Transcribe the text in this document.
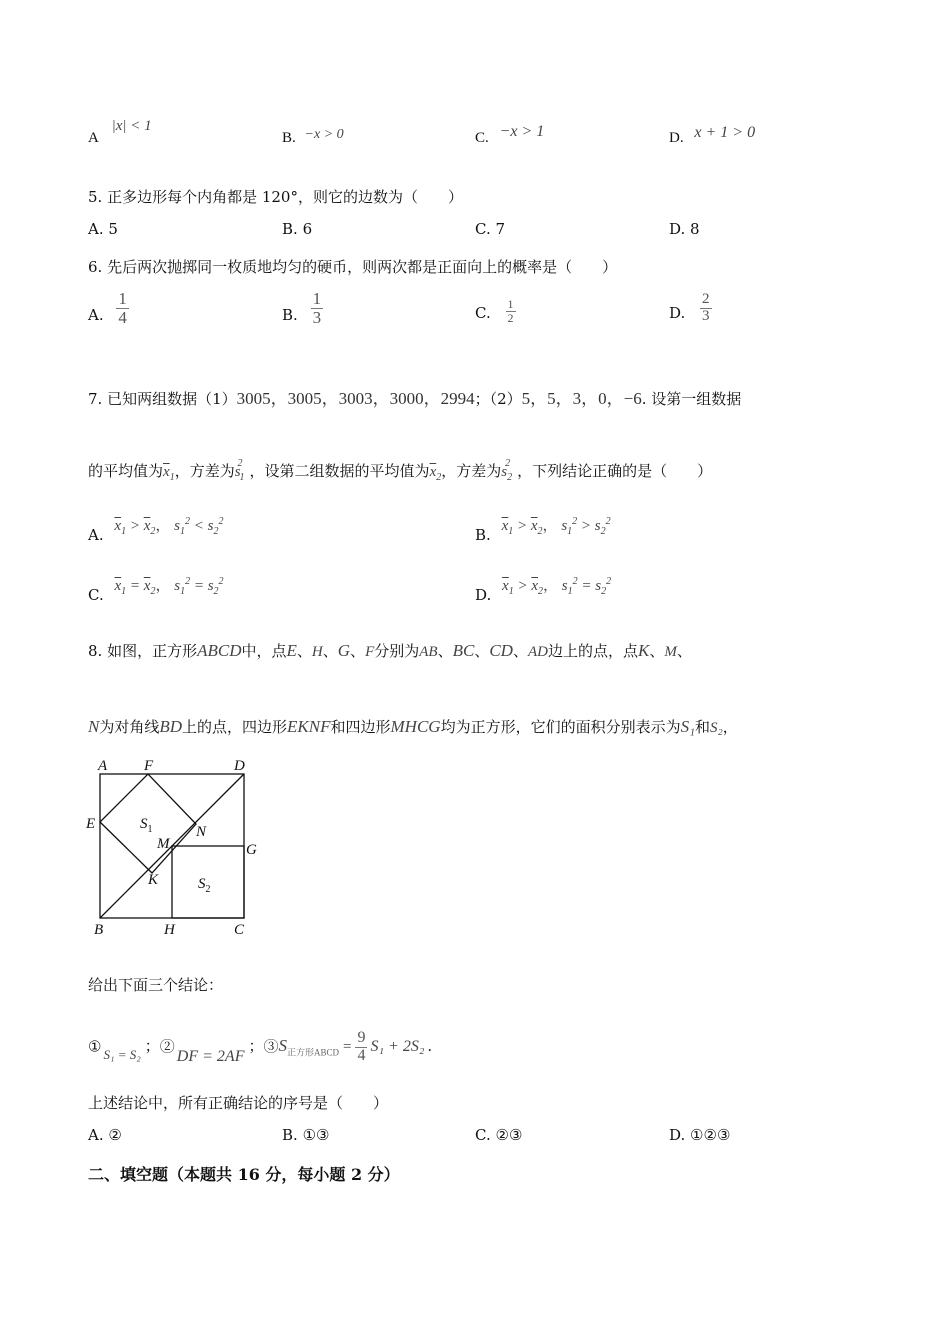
A |x| < 1
B. −x > 0	C. −x > 1	D. x + 1 > 0
5. 正多边形每个内角都是 120°，则它的边数为（　　）
A. 5	B. 6	C. 7	D. 8
6. 先后两次抛掷同一枚质地均匀的硬币，则两次都是正面向上的概率是（　　）
A. $\frac{1}{4}$	B. $\frac{1}{3}$	C. $\frac{1}{2}$	D. $\frac{2}{3}$
7. 已知两组数据（1）3005，3005，3003，3000，2994；（2）5，5，3，0，−6. 设第一组数据
的平均值为$\overline{x}_1$，方差为$s_1^2$ ，设第二组数据的平均值为$\overline{x}_2$，方差为$s_2^2$ ，下列结论正确的是（　　）
A. $\overline{x}_1 > \overline{x}_2$， $s_1^2 < s_2^2$
B. $\overline{x}_1 > \overline{x}_2$， $s_1^2 > s_2^2$
C. $\overline{x}_1 = \overline{x}_2$， $s_1^2 = s_2^2$
D. $\overline{x}_1 > \overline{x}_2$， $s_1^2 = s_2^2$
8. 如图，正方形ABCD中，点E、H、G、F分别为AB、BC、CD、AD边上的点，点K、M、
N为对角线BD上的点，四边形EKNF和四边形MHCG均为正方形，它们的面积分别表示为S₁和S₂，
A F	D
E	$S_1$	N
M	G
K	$S_2$
B	H	C
给出下面三个结论：
① S₁ = S₂ ；②DF = 2AF；$③S_{正方形ABCD} = \frac{9}{4} S_1 + 2S_2$ .
上述结论中，所有正确结论的序号是（　　）
A. ②	B. ①③	C. ②③	D. ①②③
二、填空题（本题共 16 分，每小题 2 分）
